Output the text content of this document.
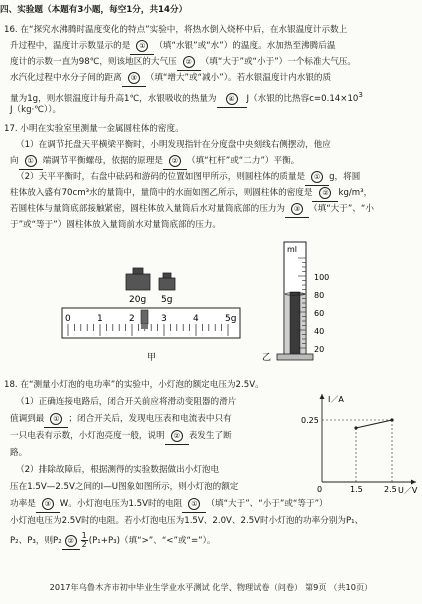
四、实验题（本题有3小题，每空1分，共14分）
16. 在“探究水沸腾时温度变化的特点”实验中，将热水倒入烧杯中后，在水银温度计示数上
升过程中，温度计示数显示的是 ① （填“水银”或“水”）的温度。水加热至沸腾后温
度计的示数一直为98℃，则该地区的大气压 ② （填“大于”或“小于”）一个标准大气压。
水汽化过程中水分子间的距离 ③ （填“增大”或“减小”）。若水银温度计内水银的质
量为1g，则水银温度计每升高1℃，水银吸收的热量为 ④ J（水银的比热容$c=0.14\times 10^3$
J（kg·℃））。
17. 小明在实验室里测量一金属圆柱体的密度。
（1）在调节托盘天平横梁平衡时，小明发现指针在分度盘中央刻线右侧摆动，他应
向 ① 端调节平衡螺母，依据的原理是 ② （填“杠杆”或“二力”）平衡。
（2）天平平衡时，右盘中砝码和游码的位置如图甲所示，则圆柱体的质量是 ① g，将圆
柱体放入盛有70cm³水的量筒中，量筒中的水面如图乙所示，则圆柱体的密度是 ② kg/m³，
若圆柱体与量筒底部接触紧密，圆柱体放入量筒后水对量筒底部的压力为 ③ （填“大于”、“小
于”或“等于”）圆柱体放入量筒前水对量筒底部的压力。
20g 5g
0	1	2	3	4	5g
甲
ml
100
80
60
40
20
乙
18. 在“测量小灯泡的电功率”的实验中，小灯泡的额定电压为2.5V。
（1）正确连接电路后，闭合开关前应将滑动变阻器的滑片
值调到最 ① ；闭合开关后，发现电压表和电流表中只有
一只电表有示数，小灯泡亮度一般，说明 ② 表发生了断
路。
（2）排除故障后，根据测得的实验数据做出小灯泡电
压在1.5V—2.5V之间的I—U图象如图所示，则小灯泡的额定
功率是 ③ W。小灯泡电压为1.5V时的电阻 ① （填“大于”、“小于”或“等于”）
小灯泡电压为2.5V时的电阻。若小灯泡电压为1.5V、2.0V、2.5V时小灯泡的功率分别为P₁、
P₂、P₃，则P₂ ② $\frac{1}{2} (P_1+P_3)$（填“>”、“<”或“=”）。
I／A
U／V
0.25
0	1.5	2.5
2017年乌鲁木齐市初中毕业生学业水平测试 化学、物理试卷（问卷） 第9页 （共10页）
